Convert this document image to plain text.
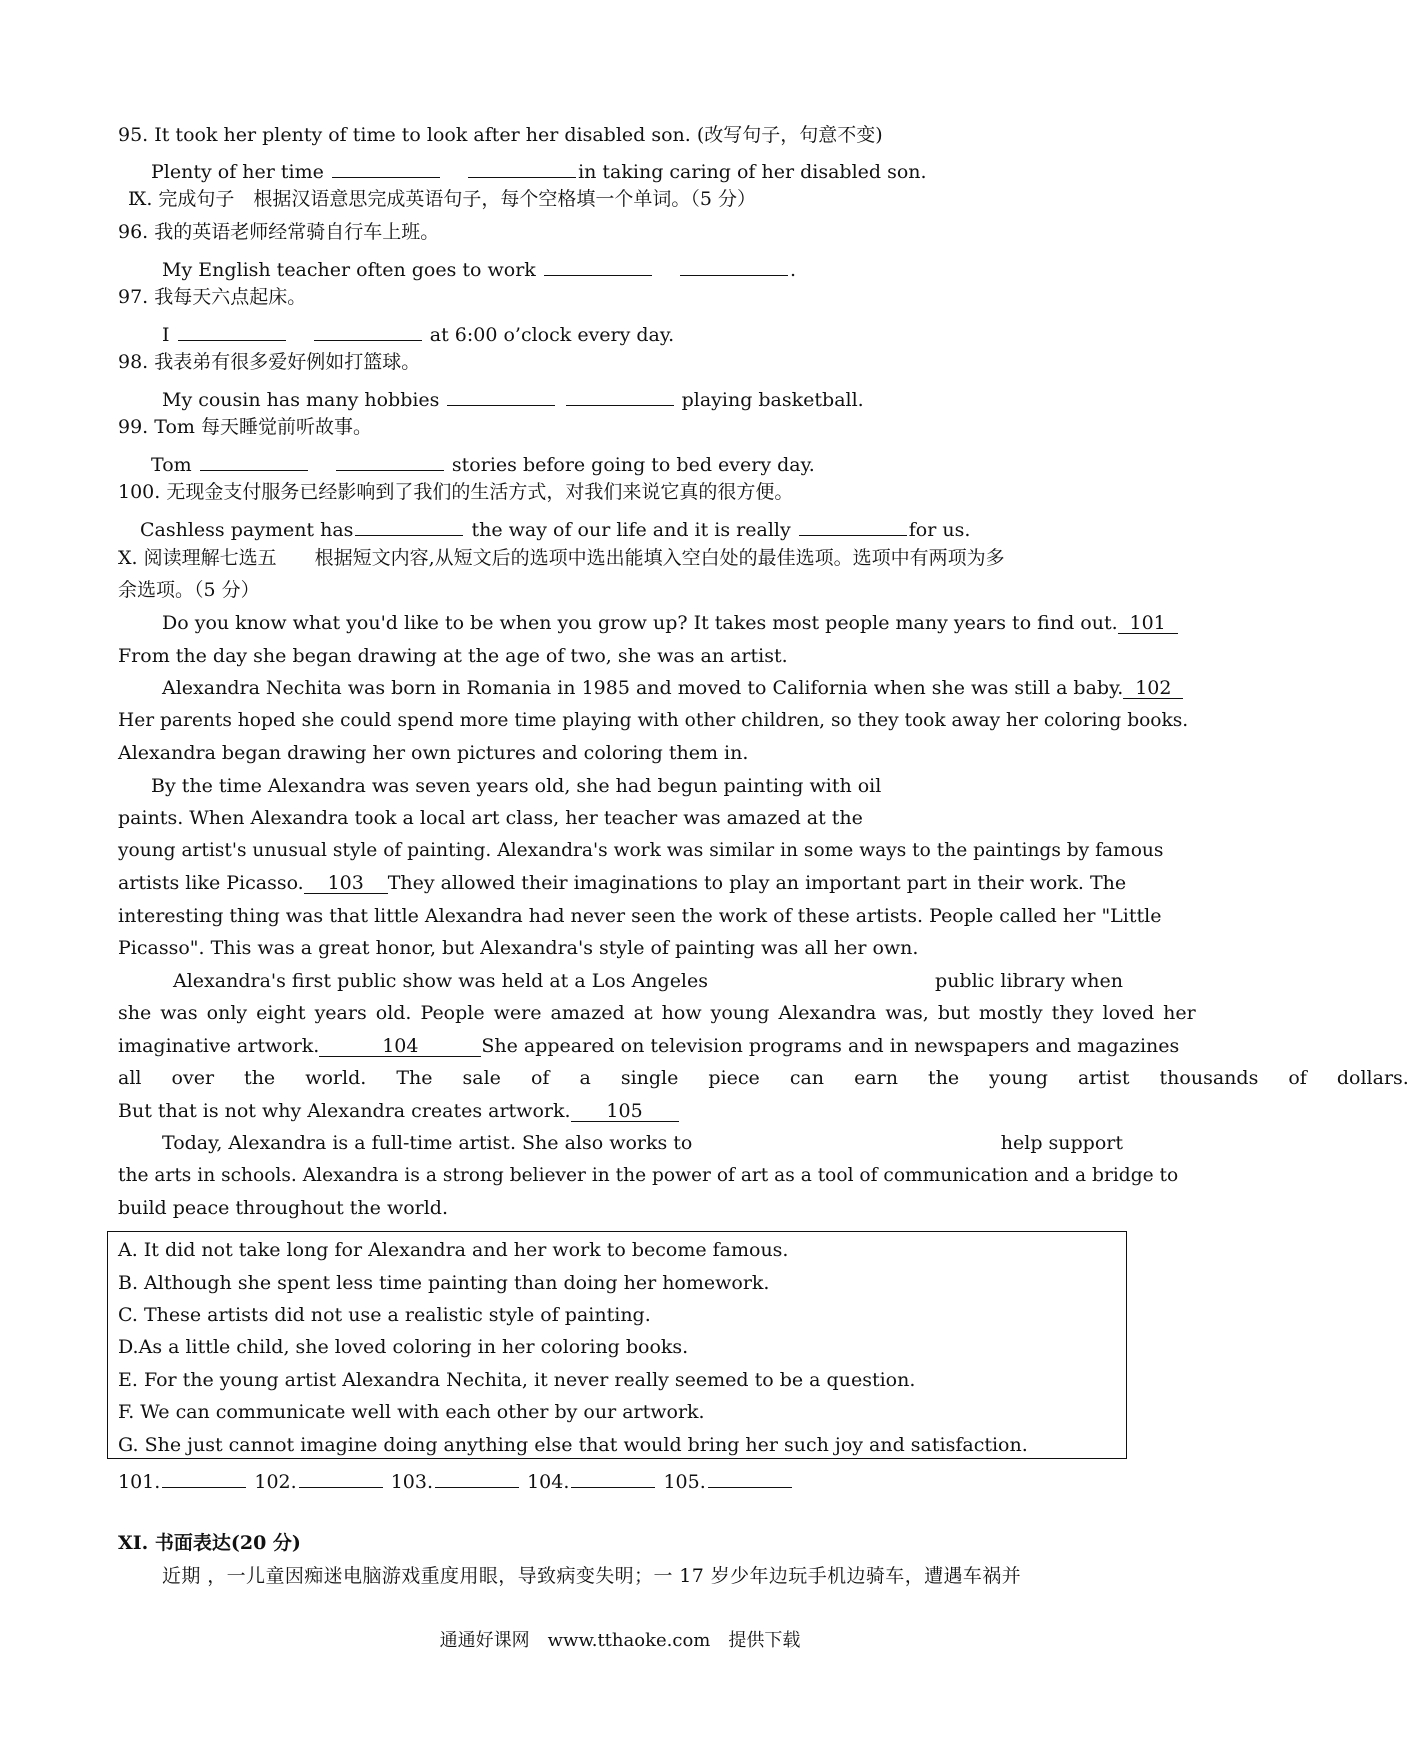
95. It took her plenty of time to look after her disabled son. (改写句子，句意不变)
Plenty of her time	in taking caring of her disabled son.
Ⅸ. 完成句子　根据汉语意思完成英语句子，每个空格填一个单词。（5 分）
96. 我的英语老师经常骑自行车上班。
My English teacher often goes to work	.
97. 我每天六点起床。
I	at 6:00 o’clock every day.
98. 我表弟有很多爱好例如打篮球。
My cousin has many hobbies	playing basketball.
99. Tom 每天睡觉前听故事。
Tom	stories before going to bed every day.
100. 无现金支付服务已经影响到了我们的生活方式，对我们来说它真的很方便。
Cashless payment has	the way of our life and it is really	for us.
X. 阅读理解七选五　　根据短文内容,从短文后的选项中选出能填入空白处的最佳选项。选项中有两项为多
余选项。（5 分）
Do you know what you'd like to be when you grow up? It takes most people many years to find out. 101
From the day she began drawing at the age of two, she was an artist.
Alexandra Nechita was born in Romania in 1985 and moved to California when she was still a baby. 102
Her parents hoped she could spend more time playing with other children, so they took away her coloring books.
Alexandra began drawing her own pictures and coloring them in.
By the time Alexandra was seven years old, she had begun painting with oil
paints. When Alexandra took a local art class, her teacher was amazed at the
young artist's unusual style of painting. Alexandra's work was similar in some ways to the paintings by famous
artists like Picasso. 103 They allowed their imaginations to play an important part in their work. The
interesting thing was that little Alexandra had never seen the work of these artists. People called her "Little
Picasso". This was a great honor, but Alexandra's style of painting was all her own.
Alexandra's first public show was held at a Los Angeles	public library when
she was only eight years old. People were amazed at how young Alexandra was, but mostly they loved her
imaginative artwork.	104	She appeared on television programs and in newspapers and magazines
all over the world. The sale of a single piece can earn the young artist thousands of dollars.
But that is not why Alexandra creates artwork. 105
Today, Alexandra is a full-time artist. She also works to	help support
the arts in schools. Alexandra is a strong believer in the power of art as a tool of communication and a bridge to
build peace throughout the world.
A. It did not take long for Alexandra and her work to become famous.
B. Although she spent less time painting than doing her homework.
C. These artists did not use a realistic style of painting.
D.As a little child, she loved coloring in her coloring books.
E. For the young artist Alexandra Nechita, it never really seemed to be a question.
F. We can communicate well with each other by our artwork.
G. She just cannot imagine doing anything else that would bring her such joy and satisfaction.
101.	102.	103.	104.	105.
XI. 书面表达(20 分)
近期 ，一儿童因痴迷电脑游戏重度用眼，导致病变失明；一 17 岁少年边玩手机边骑车，遭遇车祸并
通通好课网　www.tthaoke.com　提供下载
